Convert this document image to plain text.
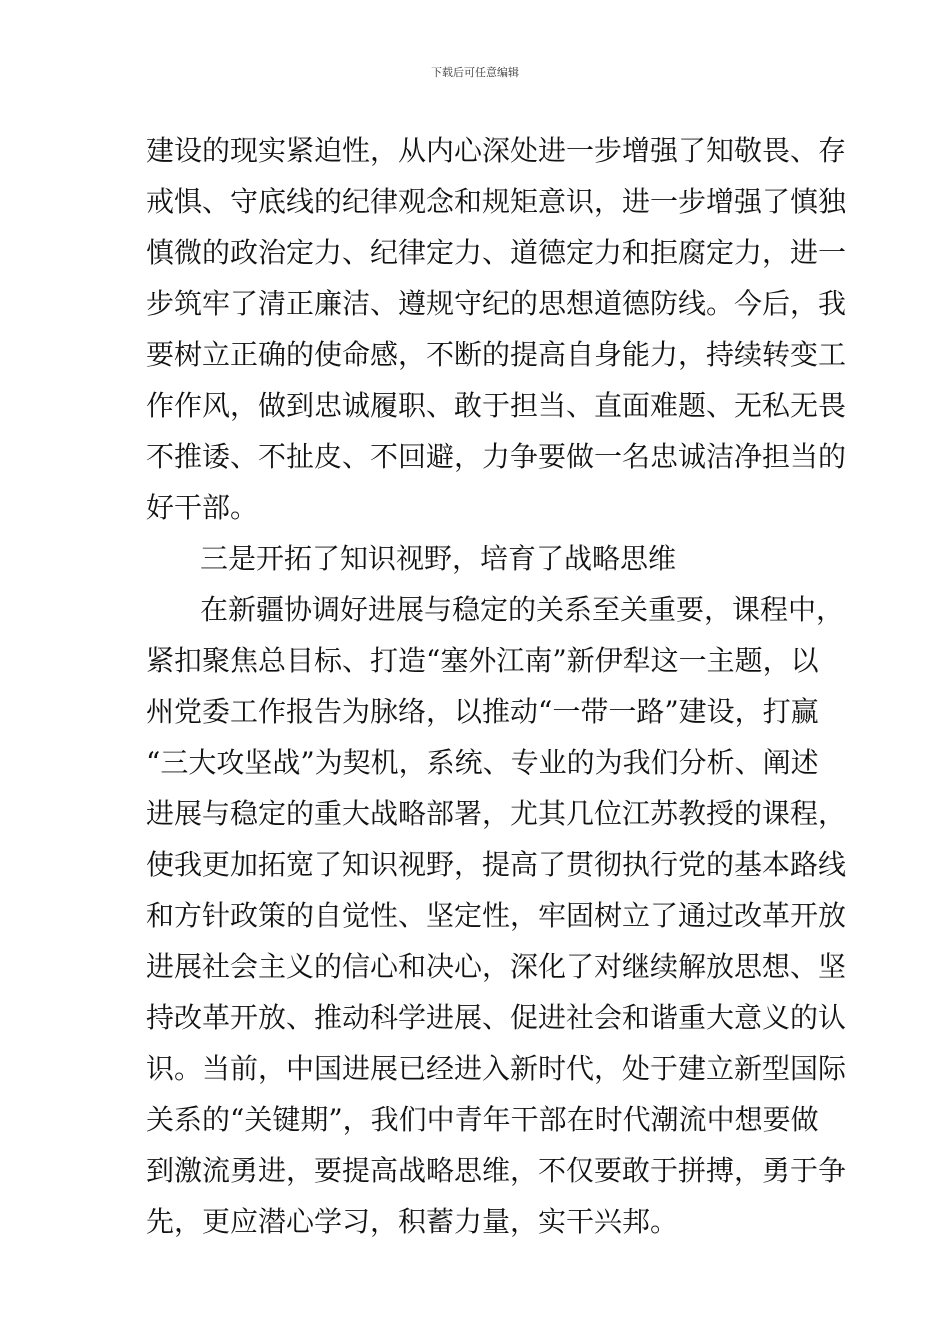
下载后可任意编辑
建设的现实紧迫性，从内心深处进一步增强了知敬畏、存
戒惧、守底线的纪律观念和规矩意识，进一步增强了慎独
慎微的政治定力、纪律定力、道德定力和拒腐定力，进一
步筑牢了清正廉洁、遵规守纪的思想道德防线。今后，我
要树立正确的使命感，不断的提高自身能力，持续转变工
作作风，做到忠诚履职、敢于担当、直面难题、无私无畏
不推诿、不扯皮、不回避，力争要做一名忠诚洁净担当的
好干部。
三是开拓了知识视野，培育了战略思维
在新疆协调好进展与稳定的关系至关重要，课程中，
紧扣聚焦总目标、打造“塞外江南”新伊犁这一主题，以
州党委工作报告为脉络，以推动“一带一路”建设，打赢
“三大攻坚战”为契机，系统、专业的为我们分析、阐述
进展与稳定的重大战略部署，尤其几位江苏教授的课程，
使我更加拓宽了知识视野，提高了贯彻执行党的基本路线
和方针政策的自觉性、坚定性，牢固树立了通过改革开放
进展社会主义的信心和决心，深化了对继续解放思想、坚
持改革开放、推动科学进展、促进社会和谐重大意义的认
识。当前，中国进展已经进入新时代，处于建立新型国际
关系的“关键期”，我们中青年干部在时代潮流中想要做
到激流勇进，要提高战略思维，不仅要敢于拼搏，勇于争
先，更应潜心学习，积蓄力量，实干兴邦。
